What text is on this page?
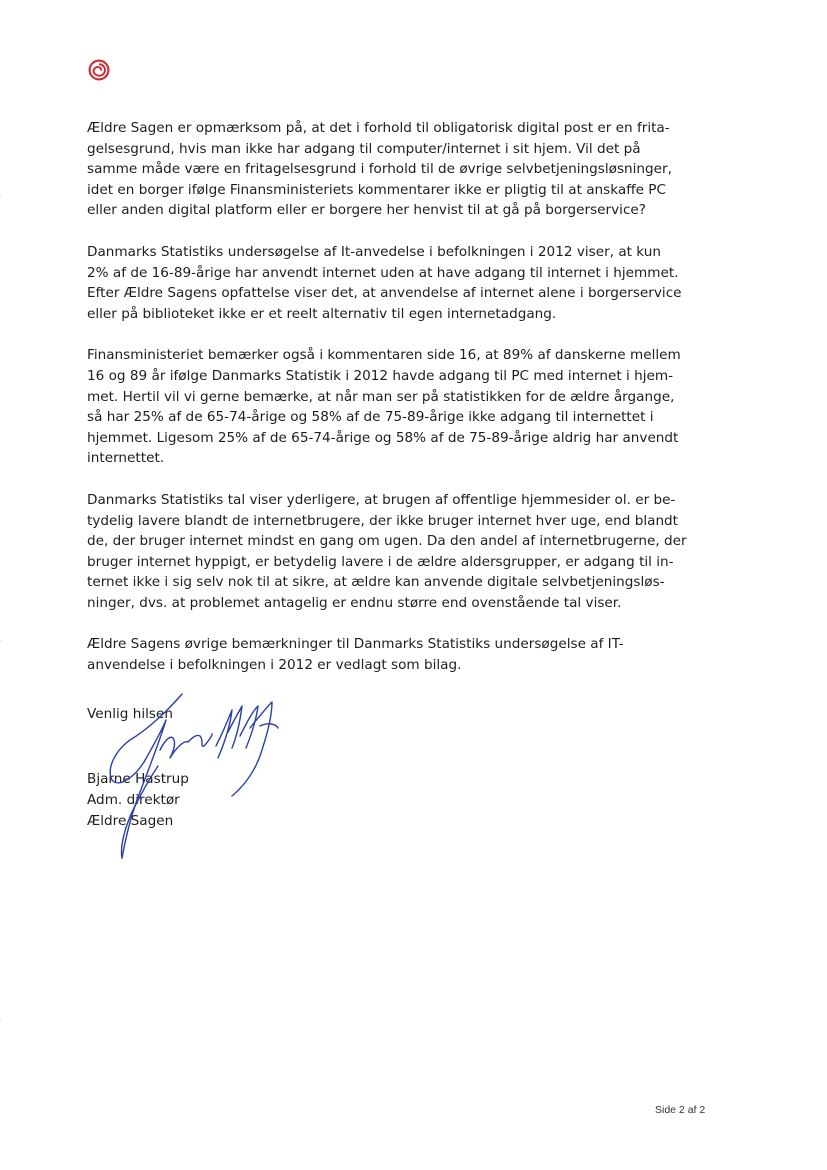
Ældre Sagen er opmærksom på, at det i forhold til obligatorisk digital post er en frita-
gelsesgrund, hvis man ikke har adgang til computer/internet i sit hjem. Vil det på
samme måde være en fritagelsesgrund i forhold til de øvrige selvbetjeningsløsninger,
idet en borger ifølge Finansministeriets kommentarer ikke er pligtig til at anskaffe PC
eller anden digital platform eller er borgere her henvist til at gå på borgerservice?

Danmarks Statistiks undersøgelse af It-anvedelse i befolkningen i 2012 viser, at kun
2% af de 16-89-årige har anvendt internet uden at have adgang til internet i hjemmet.
Efter Ældre Sagens opfattelse viser det, at anvendelse af internet alene i borgerservice
eller på biblioteket ikke er et reelt alternativ til egen internetadgang.

Finansministeriet bemærker også i kommentaren side 16, at 89% af danskerne mellem
16 og 89 år ifølge Danmarks Statistik i 2012 havde adgang til PC med internet i hjem-
met. Hertil vil vi gerne bemærke, at når man ser på statistikken for de ældre årgange,
så har 25% af de 65-74-årige og 58% af de 75-89-årige ikke adgang til internettet i
hjemmet. Ligesom 25% af de 65-74-årige og 58% af de 75-89-årige aldrig har anvendt
internettet.

Danmarks Statistiks tal viser yderligere, at brugen af offentlige hjemmesider ol. er be-
tydelig lavere blandt de internetbrugere, der ikke bruger internet hver uge, end blandt
de, der bruger internet mindst en gang om ugen. Da den andel af internetbrugerne, der
bruger internet hyppigt, er betydelig lavere i de ældre aldersgrupper, er adgang til in-
ternet ikke i sig selv nok til at sikre, at ældre kan anvende digitale selvbetjeningsløs-
ninger, dvs. at problemet antagelig er endnu større end ovenstående tal viser.

Ældre Sagens øvrige bemærkninger til Danmarks Statistiks undersøgelse af IT-
anvendelse i befolkningen i 2012 er vedlagt som bilag.

Venlig hilsen
Bjarne Hastrup
Adm. direktør
Ældre Sagen
Side 2 af 2
